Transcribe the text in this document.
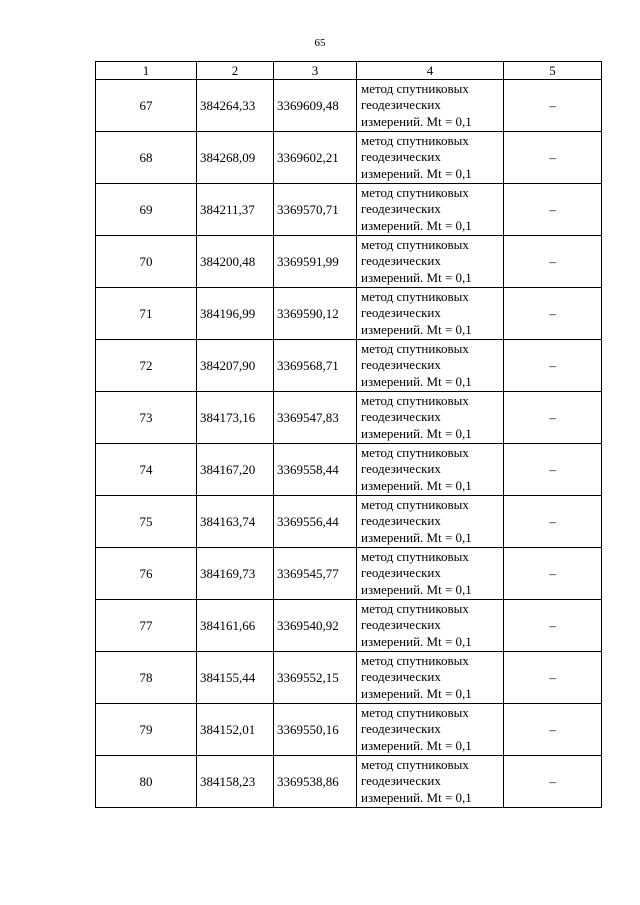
65
1	2	3	4	5
67	384264,33	3369609,48	метод спутниковых
геодезических
измерений. Mt = 0,1	–
68	384268,09	3369602,21	метод спутниковых
геодезических
измерений. Mt = 0,1	–
69	384211,37	3369570,71	метод спутниковых
геодезических
измерений. Mt = 0,1	–
70	384200,48	3369591,99	метод спутниковых
геодезических
измерений. Mt = 0,1	–
71	384196,99	3369590,12	метод спутниковых
геодезических
измерений. Mt = 0,1	–
72	384207,90	3369568,71	метод спутниковых
геодезических
измерений. Mt = 0,1	–
73	384173,16	3369547,83	метод спутниковых
геодезических
измерений. Mt = 0,1	–
74	384167,20	3369558,44	метод спутниковых
геодезических
измерений. Mt = 0,1	–
75	384163,74	3369556,44	метод спутниковых
геодезических
измерений. Mt = 0,1	–
76	384169,73	3369545,77	метод спутниковых
геодезических
измерений. Mt = 0,1	–
77	384161,66	3369540,92	метод спутниковых
геодезических
измерений. Mt = 0,1	–
78	384155,44	3369552,15	метод спутниковых
геодезических
измерений. Mt = 0,1	–
79	384152,01	3369550,16	метод спутниковых
геодезических
измерений. Mt = 0,1	–
80	384158,23	3369538,86	метод спутниковых
геодезических
измерений. Mt = 0,1	–
